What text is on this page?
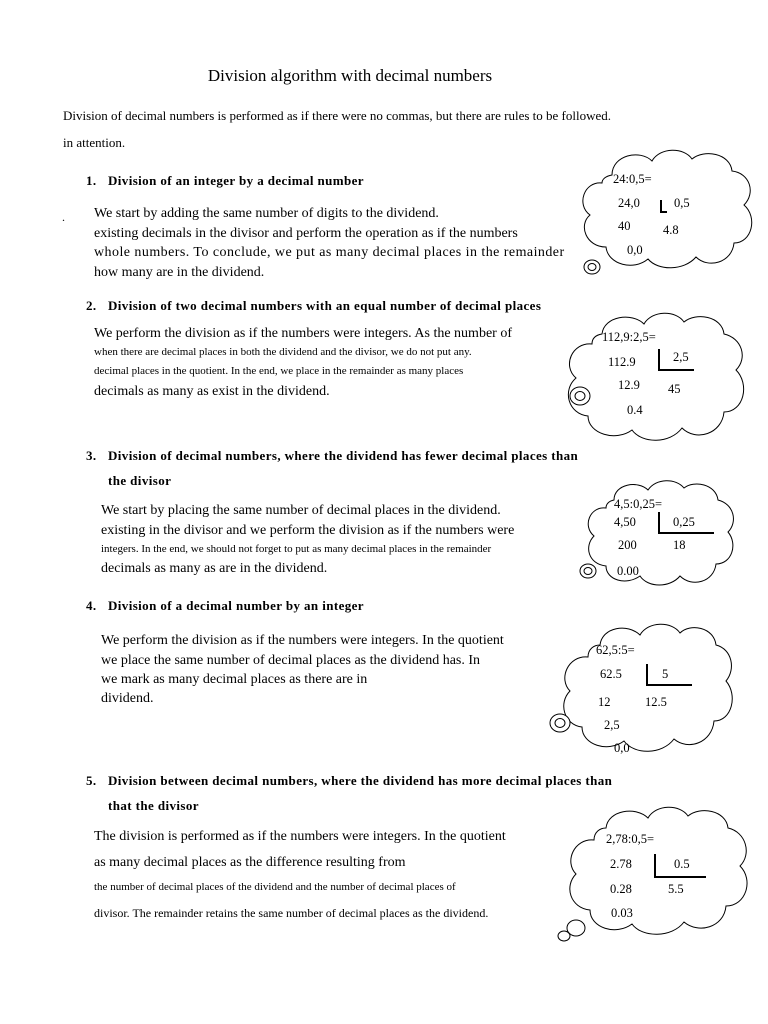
Division algorithm with decimal numbers
Division of decimal numbers is performed as if there were no commas, but there are rules to be followed.
in attention.
1. Division of an integer by a decimal number
. We start by adding the same number of digits to the dividend.
existing decimals in the divisor and perform the operation as if the numbers
whole numbers. To conclude, we put as many decimal places in the remainder
how many are in the dividend.
2. Division of two decimal numbers with an equal number of decimal places
We perform the division as if the numbers were integers. As the number of
when there are decimal places in both the dividend and the divisor, we do not put any.
decimal places in the quotient. In the end, we place in the remainder as many places
decimals as many as exist in the dividend.
3. Division of decimal numbers, where the dividend has fewer decimal places than
the divisor
We start by placing the same number of decimal places in the dividend.
existing in the divisor and we perform the division as if the numbers were
integers. In the end, we should not forget to put as many decimal places in the remainder
decimals as many as are in the dividend.
4. Division of a decimal number by an integer
We perform the division as if the numbers were integers. In the quotient
we place the same number of decimal places as the dividend has. In
we mark as many decimal places as there are in
dividend.
5. Division between decimal numbers, where the dividend has more decimal places than
that the divisor
The division is performed as if the numbers were integers. In the quotient
as many decimal places as the difference resulting from
the number of decimal places of the dividend and the number of decimal places of
divisor. The remainder retains the same number of decimal places as the dividend.
24:0,5=
24,0	0,5
40	4.8
0,0
112,9:2,5=
112.9	2,5
12.9 45
0.4
4,5:0,25=
4,50	0,25
200	18
0.00
62,5:5=
62.5	5
12	12.5
2,5
0,0
2,78:0,5=
2.78	0.5
0.28	5.5
0.03
